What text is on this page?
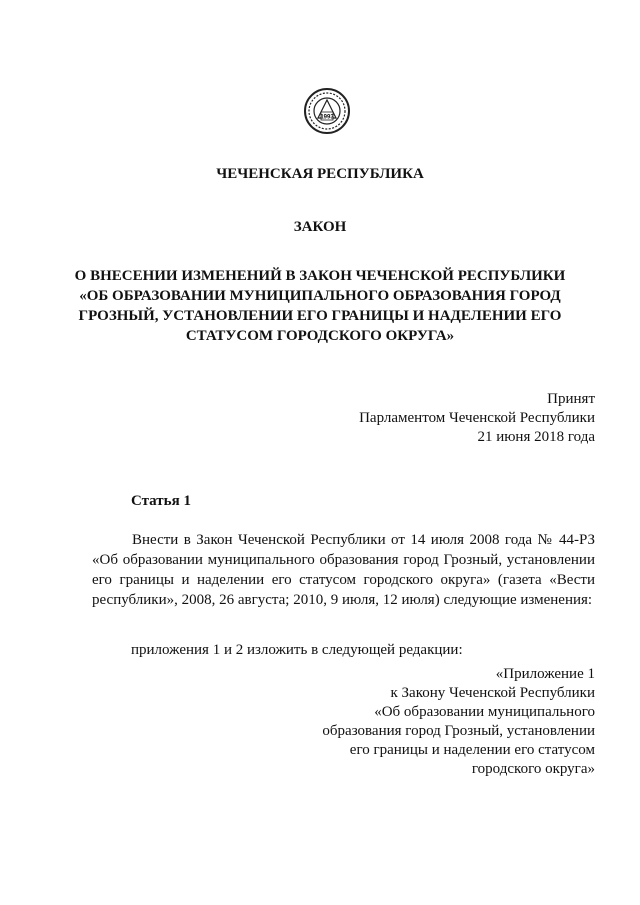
1993
ЧЕЧЕНСКАЯ РЕСПУБЛИКА
ЗАКОН
О ВНЕСЕНИИ ИЗМЕНЕНИЙ В ЗАКОН ЧЕЧЕНСКОЙ РЕСПУБЛИКИ
«ОБ ОБРАЗОВАНИИ МУНИЦИПАЛЬНОГО ОБРАЗОВАНИЯ ГОРОД
ГРОЗНЫЙ, УСТАНОВЛЕНИИ ЕГО ГРАНИЦЫ И НАДЕЛЕНИИ ЕГО
СТАТУСОМ ГОРОДСКОГО ОКРУГА»
Принят
Парламентом Чеченской Республики
21 июня 2018 года
Статья 1
Внести в Закон Чеченской Республики от 14 июля 2008 года № 44-РЗ «Об образовании муниципального образования город Грозный, установлении его границы и наделении его статусом городского округа» (газета «Вести республики», 2008, 26 августа; 2010, 9 июля, 12 июля) следующие изменения:
приложения 1 и 2 изложить в следующей редакции:
«Приложение 1
к Закону Чеченской Республики
«Об образовании муниципального
образования город Грозный, установлении
его границы и наделении его статусом
городского округа»
